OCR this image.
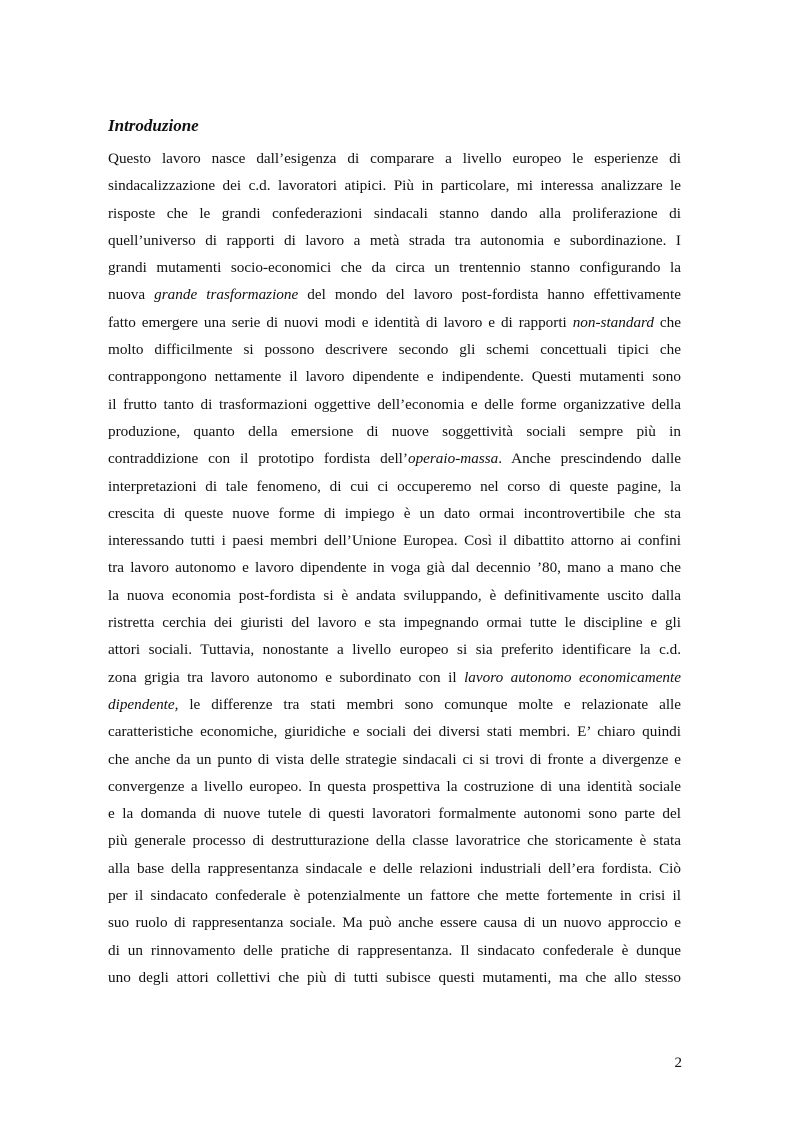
Introduzione
Questo lavoro nasce dall’esigenza di comparare a livello europeo le esperienze di
sindacalizzazione dei c.d. lavoratori atipici. Più in particolare, mi interessa analizzare le
risposte che le grandi confederazioni sindacali stanno dando alla proliferazione di
quell’universo di rapporti di lavoro a metà strada tra autonomia e subordinazione. I
grandi mutamenti socio-economici che da circa un trentennio stanno configurando la
nuova grande trasformazione del mondo del lavoro post-fordista hanno effettivamente
fatto emergere una serie di nuovi modi e identità di lavoro e di rapporti non-standard che
molto difficilmente si possono descrivere secondo gli schemi concettuali tipici che
contrappongono nettamente il lavoro dipendente e indipendente. Questi mutamenti sono
il frutto tanto di trasformazioni oggettive dell’economia e delle forme organizzative della
produzione, quanto della emersione di nuove soggettività sociali sempre più in
contraddizione con il prototipo fordista dell’operaio-massa. Anche prescindendo dalle
interpretazioni di tale fenomeno, di cui ci occuperemo nel corso di queste pagine, la
crescita di queste nuove forme di impiego è un dato ormai incontrovertibile che sta
interessando tutti i paesi membri dell’Unione Europea. Così il dibattito attorno ai confini
tra lavoro autonomo e lavoro dipendente in voga già dal decennio ’80, mano a mano che
la nuova economia post-fordista si è andata sviluppando, è definitivamente uscito dalla
ristretta cerchia dei giuristi del lavoro e sta impegnando ormai tutte le discipline e gli
attori sociali. Tuttavia, nonostante a livello europeo si sia preferito identificare la c.d.
zona grigia tra lavoro autonomo e subordinato con il lavoro autonomo economicamente
dipendente, le differenze tra stati membri sono comunque molte e relazionate alle
caratteristiche economiche, giuridiche e sociali dei diversi stati membri. E’ chiaro quindi
che anche da un punto di vista delle strategie sindacali ci si trovi di fronte a divergenze e
convergenze a livello europeo. In questa prospettiva la costruzione di una identità sociale
e la domanda di nuove tutele di questi lavoratori formalmente autonomi sono parte del
più generale processo di destrutturazione della classe lavoratrice che storicamente è stata
alla base della rappresentanza sindacale e delle relazioni industriali dell’era fordista. Ciò
per il sindacato confederale è potenzialmente un fattore che mette fortemente in crisi il
suo ruolo di rappresentanza sociale. Ma può anche essere causa di un nuovo approccio e
di un rinnovamento delle pratiche di rappresentanza. Il sindacato confederale è dunque
uno degli attori collettivi che più di tutti subisce questi mutamenti, ma che allo stesso
2
